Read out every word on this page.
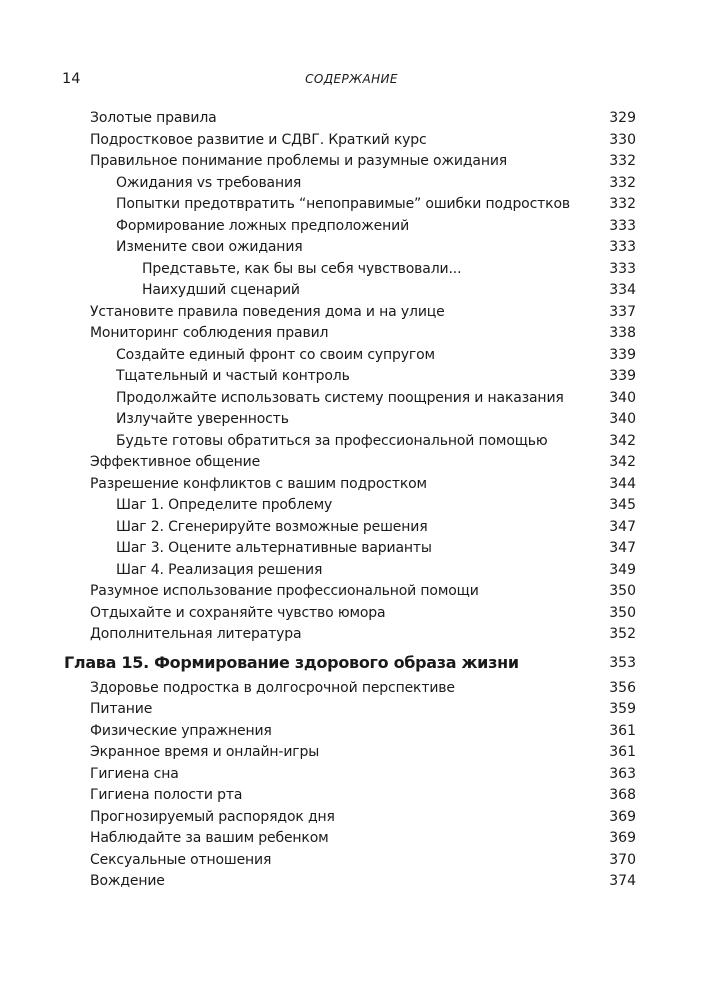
14	СОДЕРЖАНИЕ
Золотые правила	329
Подростковое развитие и СДВГ. Краткий курс	330
Правильное понимание проблемы и разумные ожидания	332
Ожидания vs требования	332
Попытки предотвратить “непоправимые” ошибки подростков	332
Формирование ложных предположений	333
Измените свои ожидания	333
Представьте, как бы вы себя чувствовали...	333
Наихудший сценарий	334
Установите правила поведения дома и на улице	337
Мониторинг соблюдения правил	338
Создайте единый фронт со своим супругом	339
Тщательный и частый контроль	339
Продолжайте использовать систему поощрения и наказания	340
Излучайте уверенность	340
Будьте готовы обратиться за профессиональной помощью	342
Эффективное общение	342
Разрешение конфликтов с вашим подростком	344
Шаг 1. Определите проблему	345
Шаг 2. Сгенерируйте возможные решения	347
Шаг 3. Оцените альтернативные варианты	347
Шаг 4. Реализация решения	349
Разумное использование профессиональной помощи	350
Отдыхайте и сохраняйте чувство юмора	350
Дополнительная литература	352
Глава 15. Формирование здорового образа жизни	353
Здоровье подростка в долгосрочной перспективе	356
Питание	359
Физические упражнения	361
Экранное время и онлайн-игры	361
Гигиена сна	363
Гигиена полости рта	368
Прогнозируемый распорядок дня	369
Наблюдайте за вашим ребенком	369
Сексуальные отношения	370
Вождение	374
